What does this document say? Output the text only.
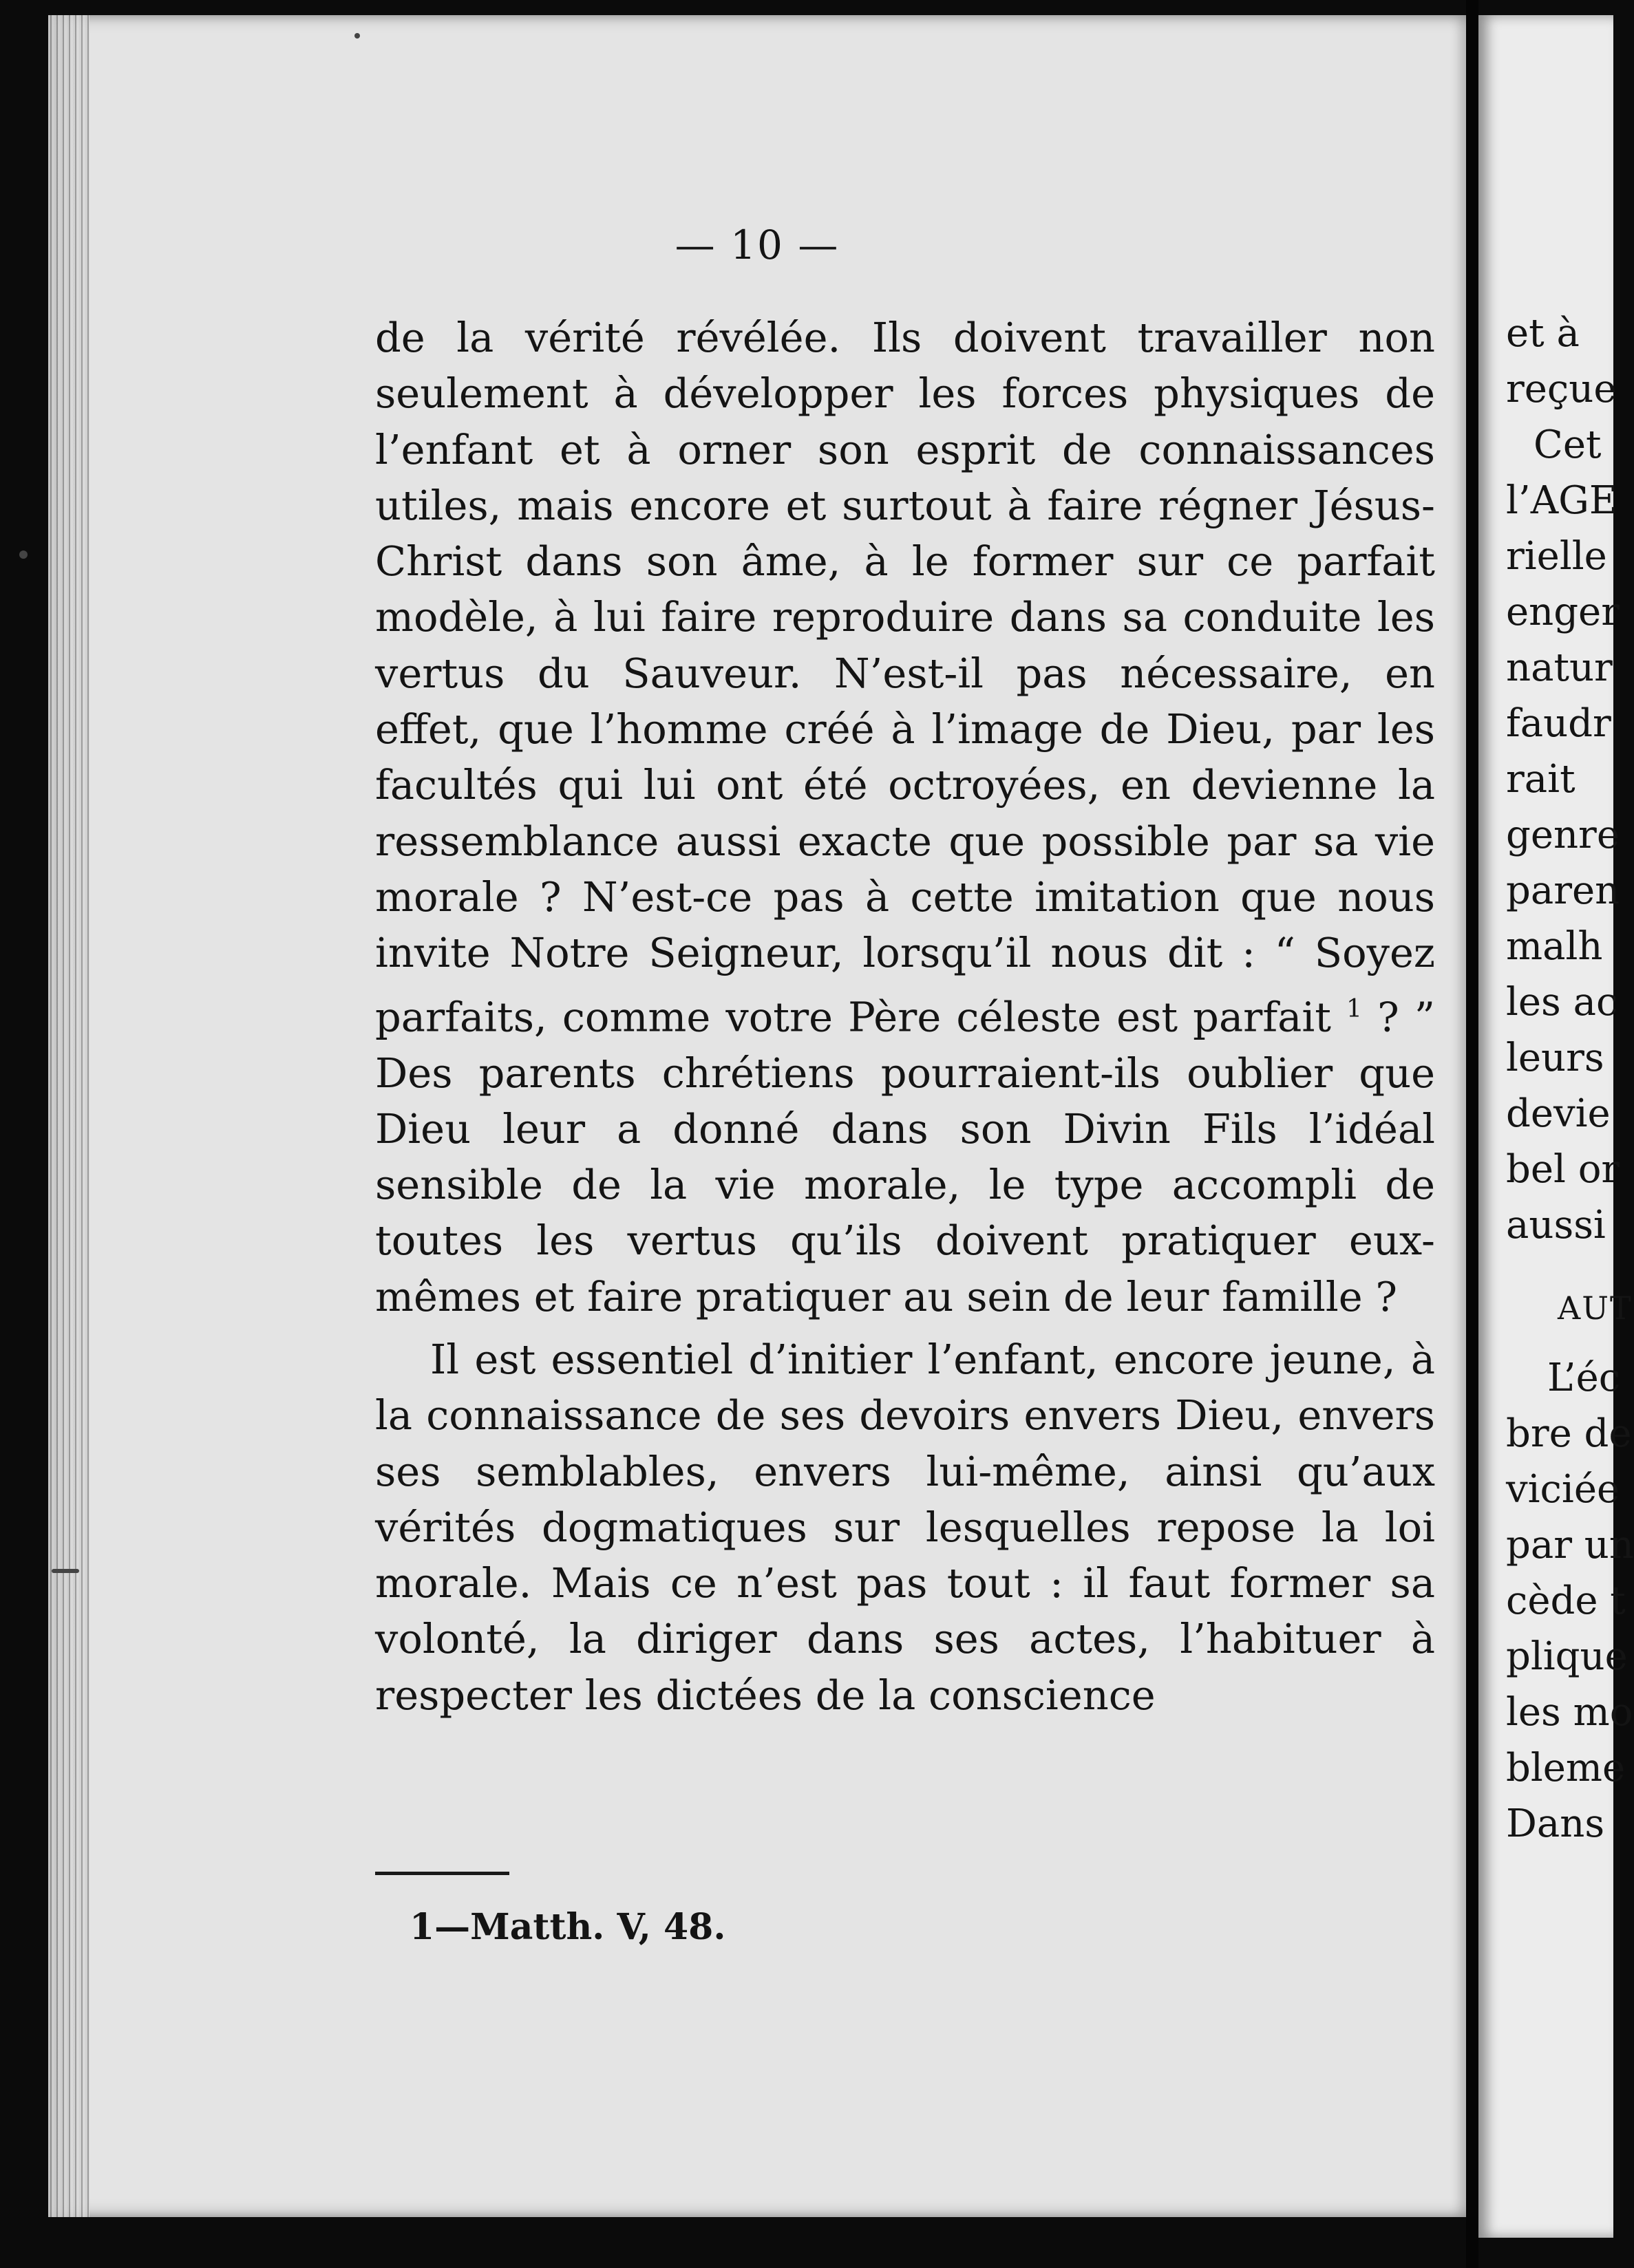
— 10 —

de la vérité révélée. Ils doivent travailler non seulement à développer les forces physiques de l’enfant et à orner son esprit de connaissances utiles, mais encore et surtout à faire régner Jésus-Christ dans son âme, à le former sur ce parfait modèle, à lui faire reproduire dans sa conduite les vertus du Sauveur. N’est-il pas nécessaire, en effet, que l’homme créé à l’image de Dieu, par les facultés qui lui ont été octroyées, en devienne la ressemblance aussi exacte que possible par sa vie morale ? N’est-ce pas à cette imitation que nous invite Notre Seigneur, lorsqu’il nous dit : “ Soyez parfaits, comme votre Père céleste est parfait $^1$ ? ” Des parents chrétiens pourraient-ils oublier que Dieu leur a donné dans son Divin Fils l’idéal sensible de la vie morale, le type accompli de toutes les vertus qu’ils doivent pratiquer eux-mêmes et faire pratiquer au sein de leur famille ?

Il est essentiel d’initier l’enfant, encore jeune, à la connaissance de ses devoirs envers Dieu, envers ses semblables, envers lui-même, ainsi qu’aux vérités dogmatiques sur lesquelles repose la loi morale. Mais ce n’est pas tout : il faut former sa volonté, la diriger dans ses actes, l’habituer à respecter les dictées de la conscience

1—Matth. V, 48.
et à
reçue
Cet
l’AGE
rielle
enger
natur
faudr
rait
genre
paren
malh
les ac
leurs
devie
bel or
aussi
AUT
L’éc
bre de
viciée
par un
cède t
plique
les mo
bleme
Dans
